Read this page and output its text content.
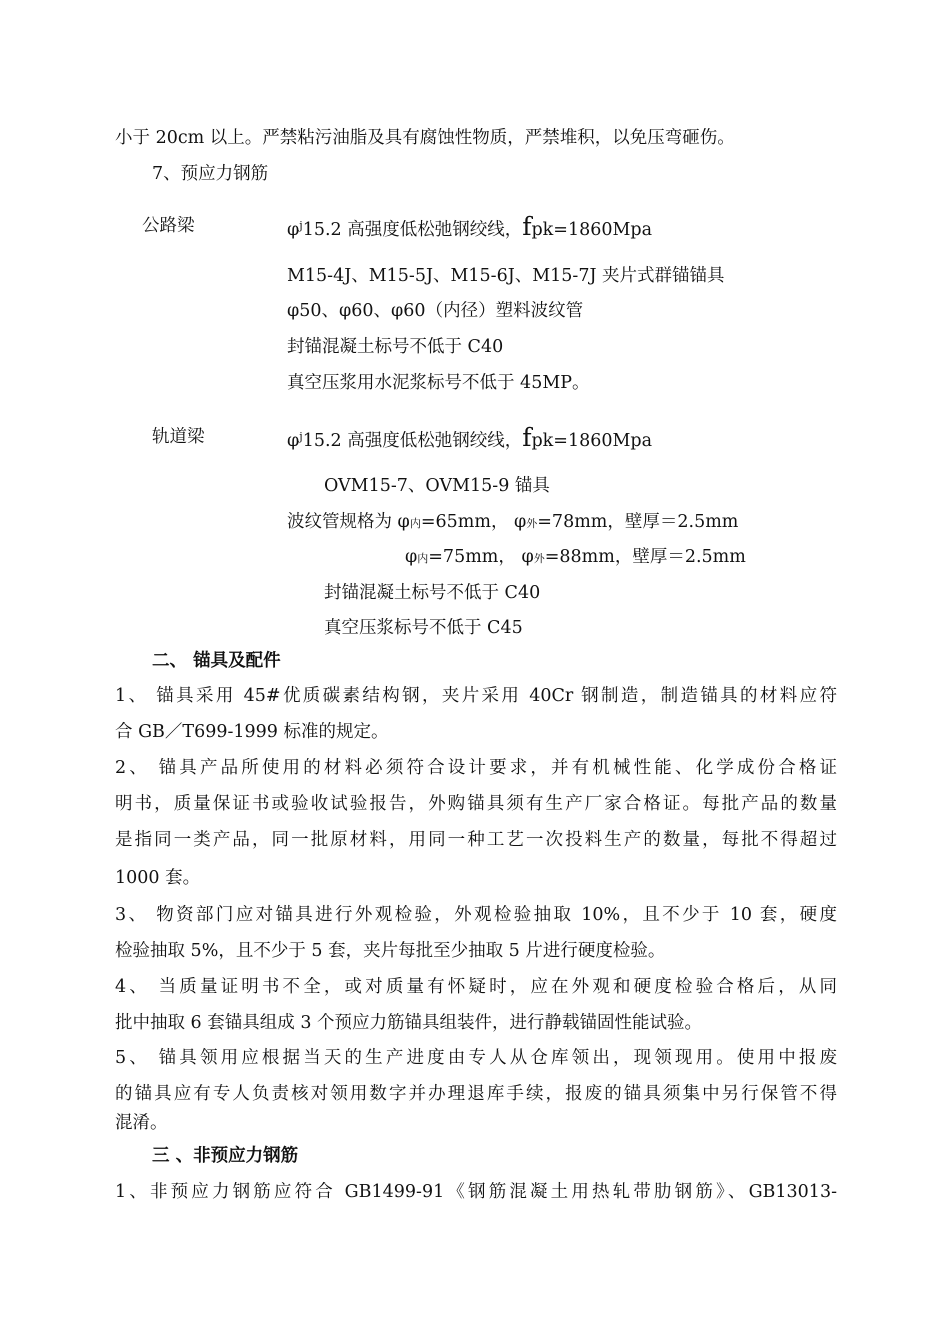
小于 20cm 以上。严禁粘污油脂及具有腐蚀性物质，严禁堆积，以免压弯砸伤。
7、预应力钢筋
公路梁	$\varphi^j15.2$ 高强度低松弛钢绞线，fpk=1860Mpa
M15-4J、M15-5J、M15-6J、M15-7J 夹片式群锚锚具
φ50、φ60、φ60（内径）塑料波纹管
封锚混凝土标号不低于 C40
真空压浆用水泥浆标号不低于 45MP。
轨道梁	$\varphi^j15.2$ 高强度低松弛钢绞线，fpk=1860Mpa
OVM15-7、OVM15-9 锚具
波纹管规格为 φ内=65mm， φ外=78mm，壁厚＝2.5mm
φ内=75mm， φ外=88mm，壁厚＝2.5mm
封锚混凝土标号不低于 C40
真空压浆标号不低于 C45
二、 锚具及配件
1、 锚具采用 45#优质碳素结构钢，夹片采用 40Cr 钢制造，制造锚具的材料应符
合 GB／T699-1999 标准的规定。
2、 锚具产品所使用的材料必须符合设计要求，并有机械性能、化学成份合格证
明书，质量保证书或验收试验报告，外购锚具须有生产厂家合格证。每批产品的数量
是指同一类产品，同一批原材料，用同一种工艺一次投料生产的数量，每批不得超过
1000 套。
3、 物资部门应对锚具进行外观检验，外观检验抽取 10%，且不少于 10 套，硬度
检验抽取 5%，且不少于 5 套，夹片每批至少抽取 5 片进行硬度检验。
4、 当质量证明书不全，或对质量有怀疑时，应在外观和硬度检验合格后，从同
批中抽取 6 套锚具组成 3 个预应力筋锚具组装件，进行静载锚固性能试验。
5、 锚具领用应根据当天的生产进度由专人从仓库领出，现领现用。使用中报废
的锚具应有专人负责核对领用数字并办理退库手续，报废的锚具须集中另行保管不得
混淆。
三 、非预应力钢筋
1、非预应力钢筋应符合 GB1499-91《钢筋混凝土用热轧带肋钢筋》、GB13013-
